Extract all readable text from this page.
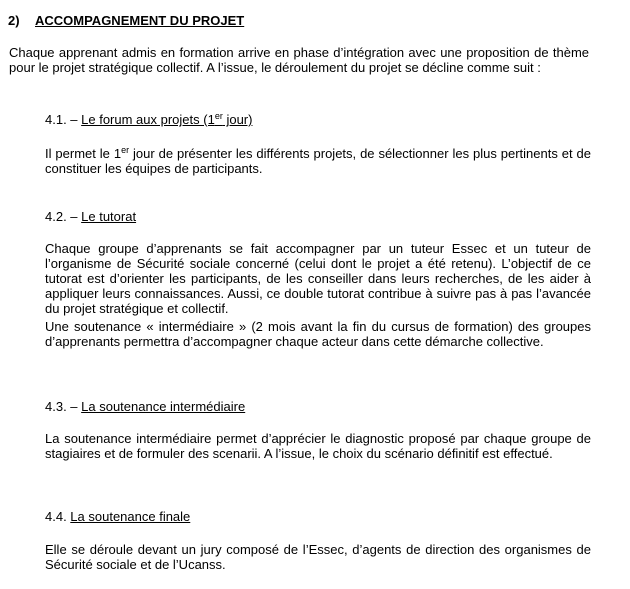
2) ACCOMPAGNEMENT DU PROJET
Chaque apprenant admis en formation arrive en phase d’intégration avec une proposition de thème pour le projet stratégique collectif. A l’issue, le déroulement du projet se décline comme suit :
4.1. – Le forum aux projets (1er jour)
Il permet le 1er jour de présenter les différents projets, de sélectionner les plus pertinents et de constituer les équipes de participants.
4.2. – Le tutorat
Chaque groupe d’apprenants se fait accompagner par un tuteur Essec et un tuteur de l’organisme de Sécurité sociale concerné (celui dont le projet a été retenu). L’objectif de ce tutorat est d’orienter les participants, de les conseiller dans leurs recherches, de les aider à appliquer leurs connaissances. Aussi, ce double tutorat contribue à suivre pas à pas l’avancée du projet stratégique et collectif.
Une soutenance « intermédiaire » (2 mois avant la fin du cursus de formation) des groupes d’apprenants permettra d’accompagner chaque acteur dans cette démarche collective.
4.3. – La soutenance intermédiaire
La soutenance intermédiaire permet d’apprécier le diagnostic proposé par chaque groupe de stagiaires et de formuler des scenarii. A l’issue, le choix du scénario définitif est effectué.
4.4. La soutenance finale
Elle se déroule devant un jury composé de l’Essec, d’agents de direction des organismes de Sécurité sociale et de l’Ucanss.
